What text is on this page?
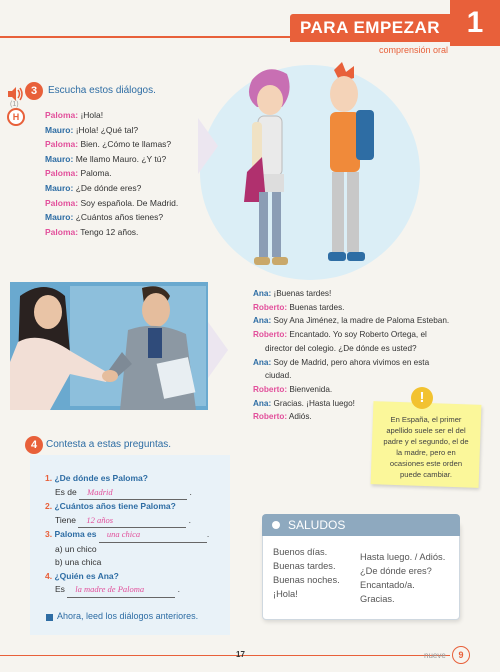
PARA EMPEZAR 1
comprensión oral
(1)
H
3	Escucha estos diálogos.
Paloma: ¡Hola!
Mauro: ¡Hola! ¿Qué tal?
Paloma: Bien. ¿Cómo te llamas?
Mauro: Me llamo Mauro. ¿Y tú?
Paloma: Paloma.
Mauro: ¿De dónde eres?
Paloma: Soy española. De Madrid.
Mauro: ¿Cuántos años tienes?
Paloma: Tengo 12 años.
Ana: ¡Buenas tardes!
Roberto: Buenas tardes.
Ana: Soy Ana Jiménez, la madre de Paloma Esteban.
Roberto: Encantado. Yo soy Roberto Ortega, el
director del colegio. ¿De dónde es usted?
Ana: Soy de Madrid, pero ahora vivimos en esta
ciudad.
Roberto: Bienvenida.
Ana: Gracias. ¡Hasta luego!
Roberto: Adiós.
!
En España, el primer apellido suele ser el del padre y el segundo, el de la madre, pero en ocasiones este orden puede cambiar.
4 Contesta a estas preguntas.
1. ¿De dónde es Paloma?
Es de Madrid	.
2. ¿Cuántos años tiene Paloma?
Tiene 12 años	.
3. Paloma es una chica	.
a) un chico
b) una chica
4. ¿Quién es Ana?
Es la madre de Paloma	.
Ahora, leed los diálogos anteriores.
SALUDOS
Buenos días.
Buenas tardes.
Buenas noches.
¡Hola!
Hasta luego. / Adiós.
¿De dónde eres?
Encantado/a.
Gracias.
17	nueve	9
